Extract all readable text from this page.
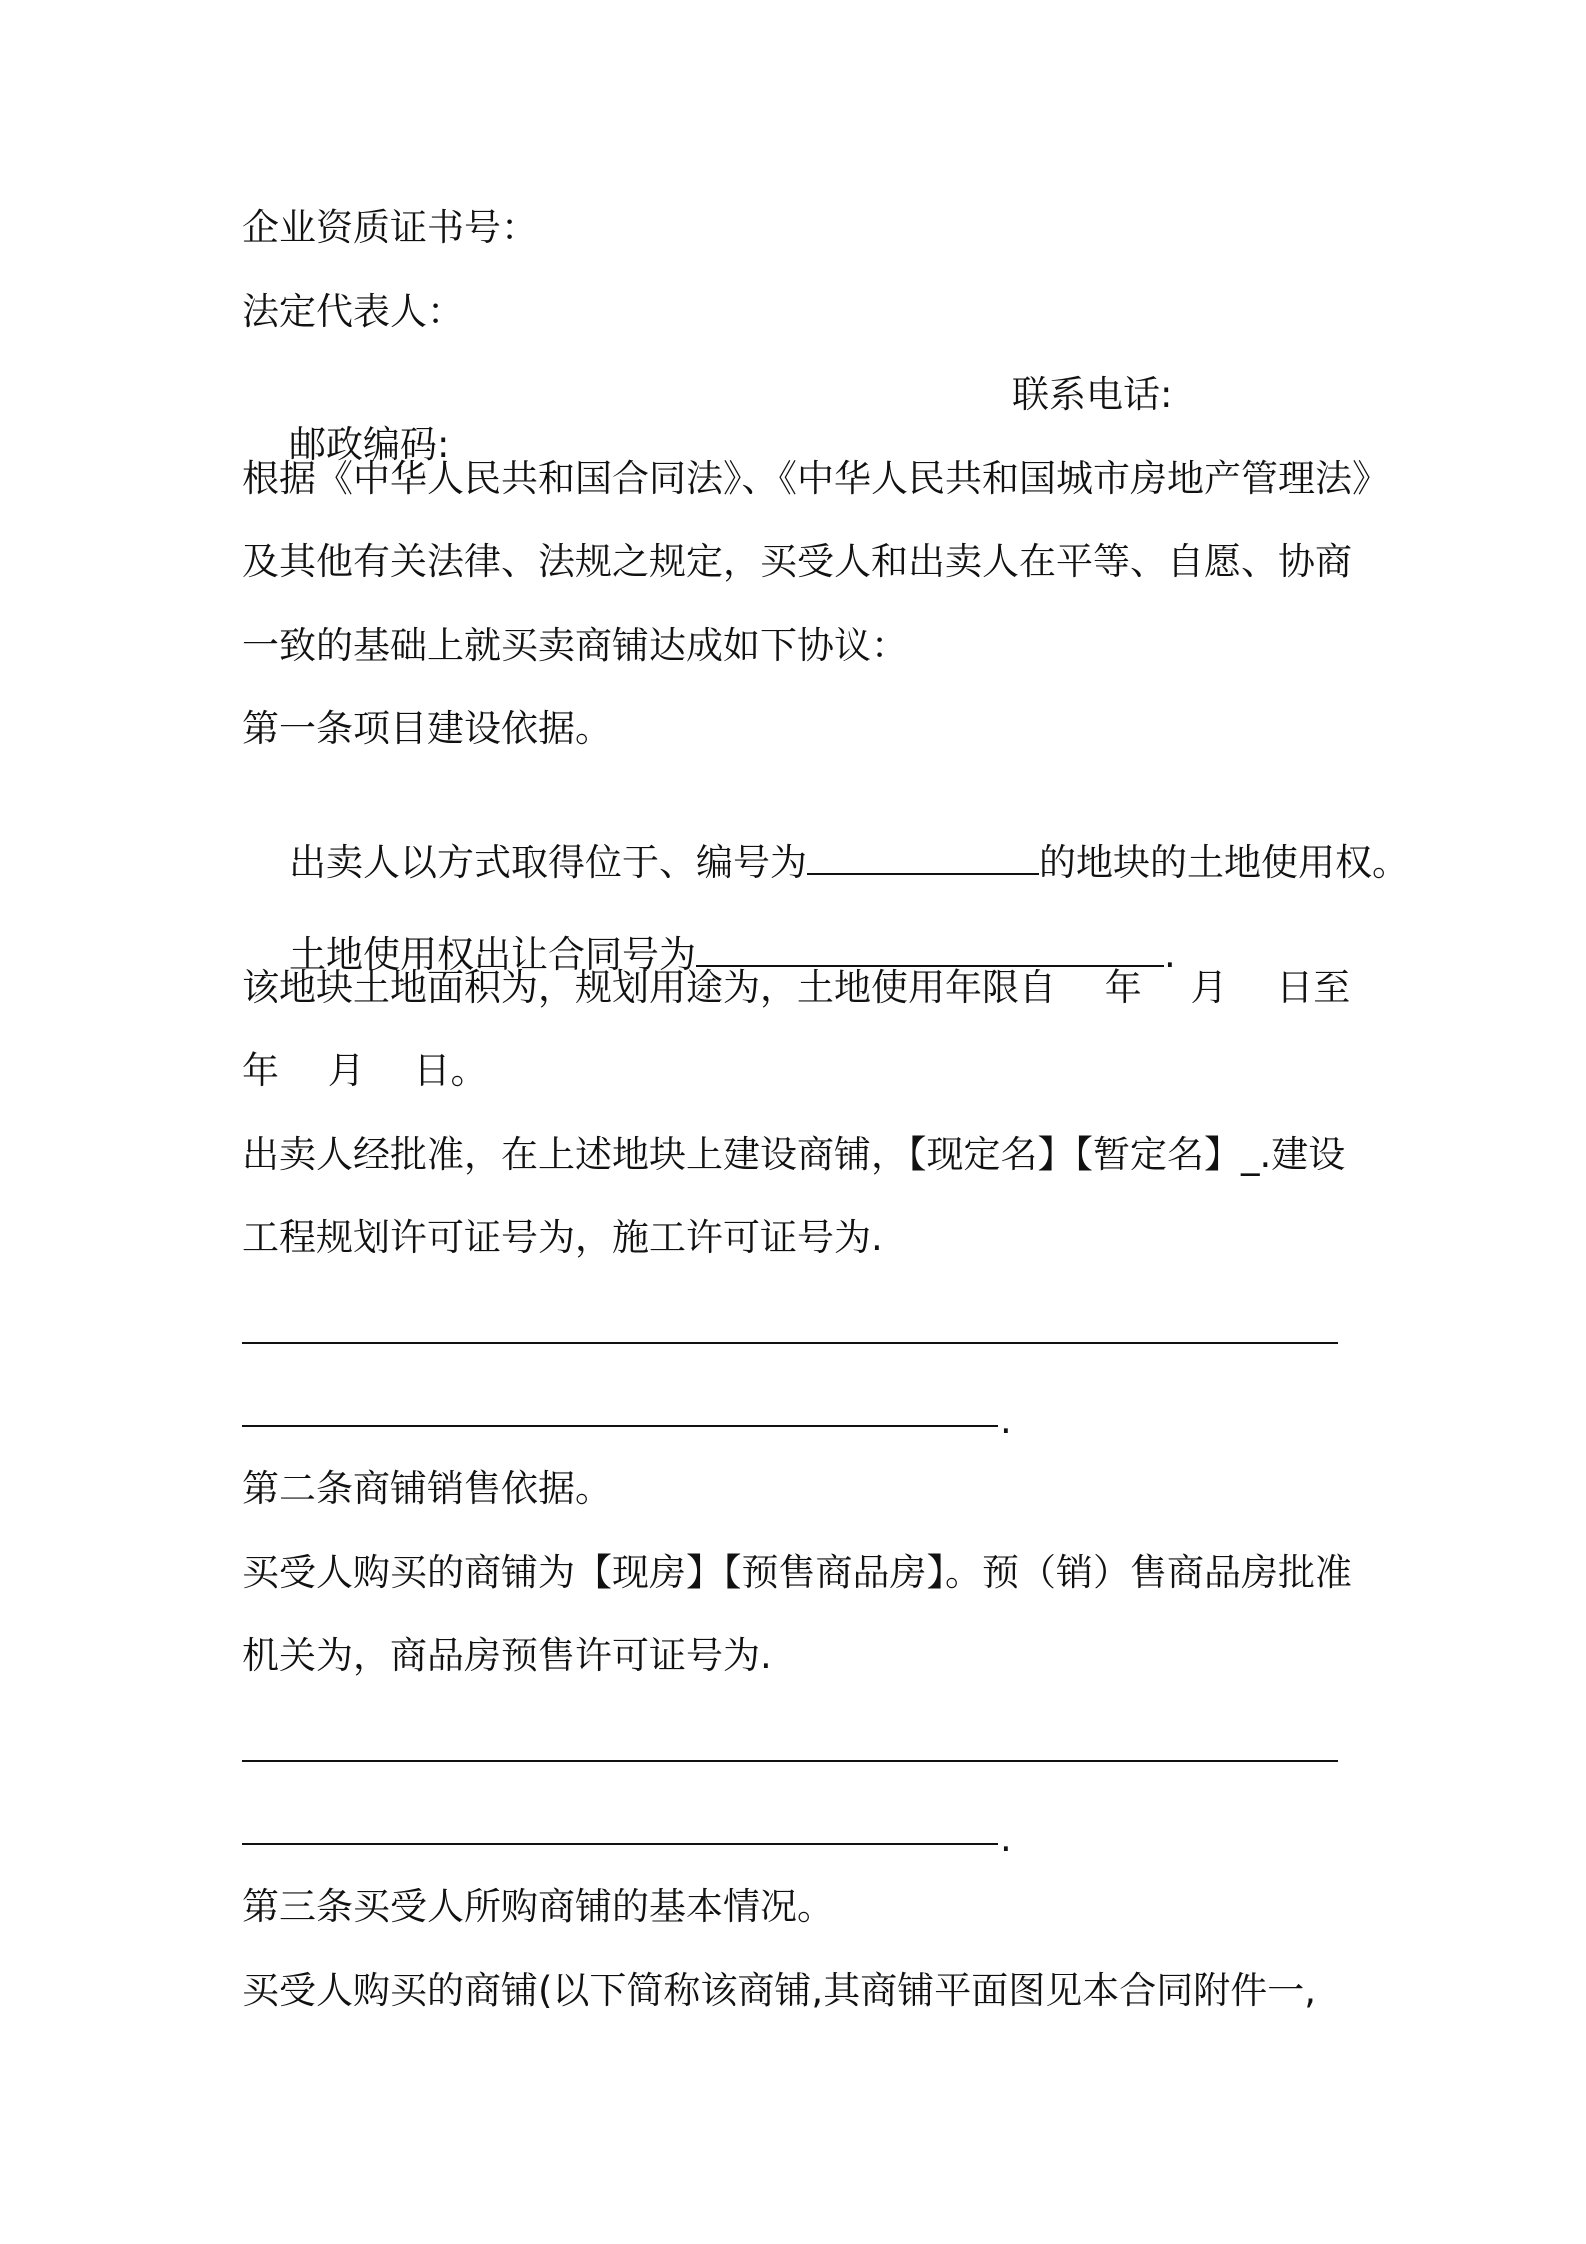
企业资质证书号：
法定代表人：

邮政编码:

联系电话:

根据《中华人民共和国合同法》、《中华人民共和国城市房地产管理法》
及其他有关法律、法规之规定，买受人和出卖人在平等、自愿、协商
一致的基础上就买卖商铺达成如下协议：
第一条项目建设依据。

出卖人以方式取得位于、编号为	的地块的土地使用权。

土地使用权出让合同号为	.

该地块土地面积为，规划用途为，土地使用年限自　 年 　月 　日至
年 　月　 日。
出卖人经批准，在上述地块上建设商铺，【现定名】【暂定名】_.建设
工程规划许可证号为，施工许可证号为.
.
第二条商铺销售依据。
买受人购买的商铺为【现房】【预售商品房】。预（销）售商品房批准
机关为，商品房预售许可证号为.
.
第三条买受人所购商铺的基本情况。
买受人购买的商铺(以下简称该商铺,其商铺平面图见本合同附件一,
